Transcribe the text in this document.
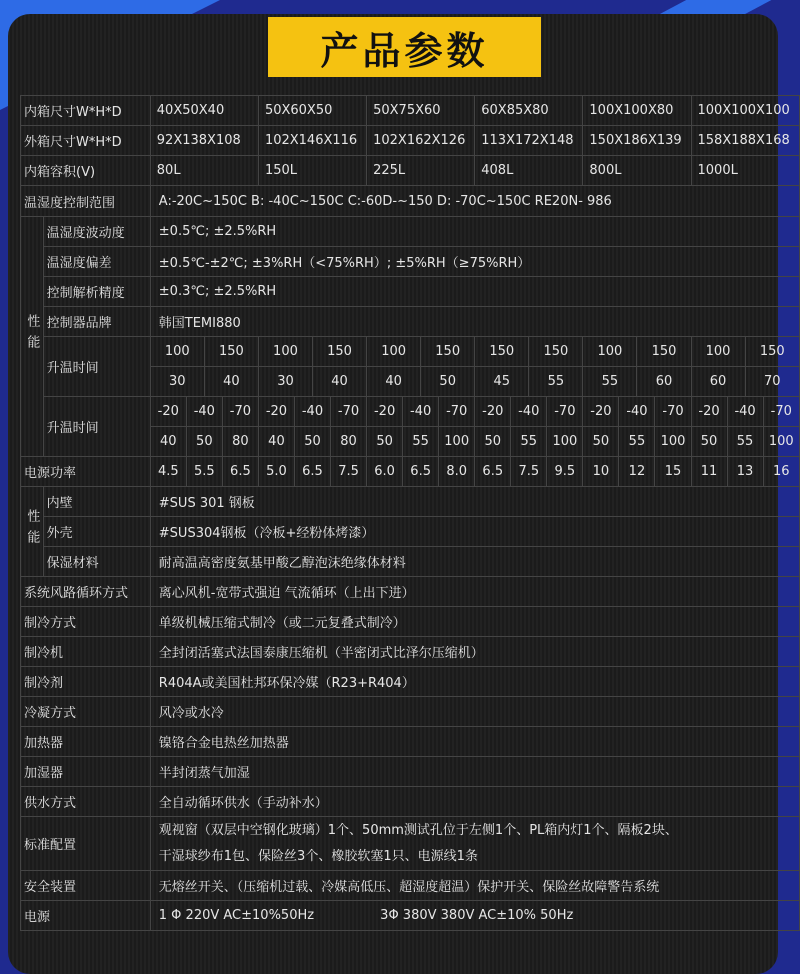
产品参数
内箱尺寸W*H*D		40X50X40				50X60X50				50X75X60				60X85X80				100X100X80				100X100X100			
外箱尺寸W*H*D		92X138X108				102X146X116				102X162X126				113X172X148				150X186X139				158X188X168			
内箱容积(V)		80L				150L				225L				408L				800L				1000L			
温湿度控制范围		A:-20C~150C B: -40C~150C C:-60D-~150 D: -70C~150C RE20N- 986																							
性能	温湿度波动度	±0.5℃; ±2.5%RH																							
	温湿度偏差	±0.5℃-±2℃; ±3%RH（<75%RH）; ±5%RH（≥75%RH）																							
	控制解析精度	±0.3℃; ±2.5%RH																							
	控制器品牌	韩国TEMI880																							
	升温时间	100		150		100		150		100		150		150		150		100		150		100		150	
		30		40		30		40		40		50		45		55		55		60		60		70	
	升温时间	-20	-40		-70	-20	-40		-70	-20	-40		-70	-20	-40		-70	-20	-40		-70	-20	-40		-70
		40	50		80	40	50		80	50	55		100	50	55		100	50	55		100	50	55		100
电源功率		4.5	5.5		6.5	5.0	6.5		7.5	6.0	6.5		8.0	6.5	7.5		9.5	10	12		15	11	13		16
性能	内壁	#SUS 301 钢板																							
	外壳	#SUS304钢板（冷板+经粉体烤漆）																							
	保湿材料	耐高温高密度氨基甲酸乙醇泡沫绝缘体材料																							
系统风路循环方式		离心风机-宽带式强迫 气流循环（上出下进）																							
制冷方式		单级机械压缩式制冷（或二元复叠式制冷）																							
制冷机		全封闭活塞式法国泰康压缩机（半密闭式比泽尔压缩机）																							
制冷剂		R404A或美国杜邦环保冷媒（R23+R404）																							
冷凝方式		风冷或水冷																							
加热器		镍铬合金电热丝加热器																							
加湿器		半封闭蒸气加湿																							
供水方式		全自动循环供水（手动补水）																							
标准配置		观视窗（双层中空钢化玻璃）1个、50mm测试孔位于左侧1个、PL箱内灯1个、隔板2块、
干湿球纱布1包、保险丝3个、橡胶软塞1只、电源线1条																							

安全装置		无熔丝开关、（压缩机过载、冷媒高低压、超湿度超温）保护开关、保险丝故障警告系统																							
电源		1 Φ 220V AC±10%50Hz                3Φ 380V 380V AC±10% 50Hz																							
